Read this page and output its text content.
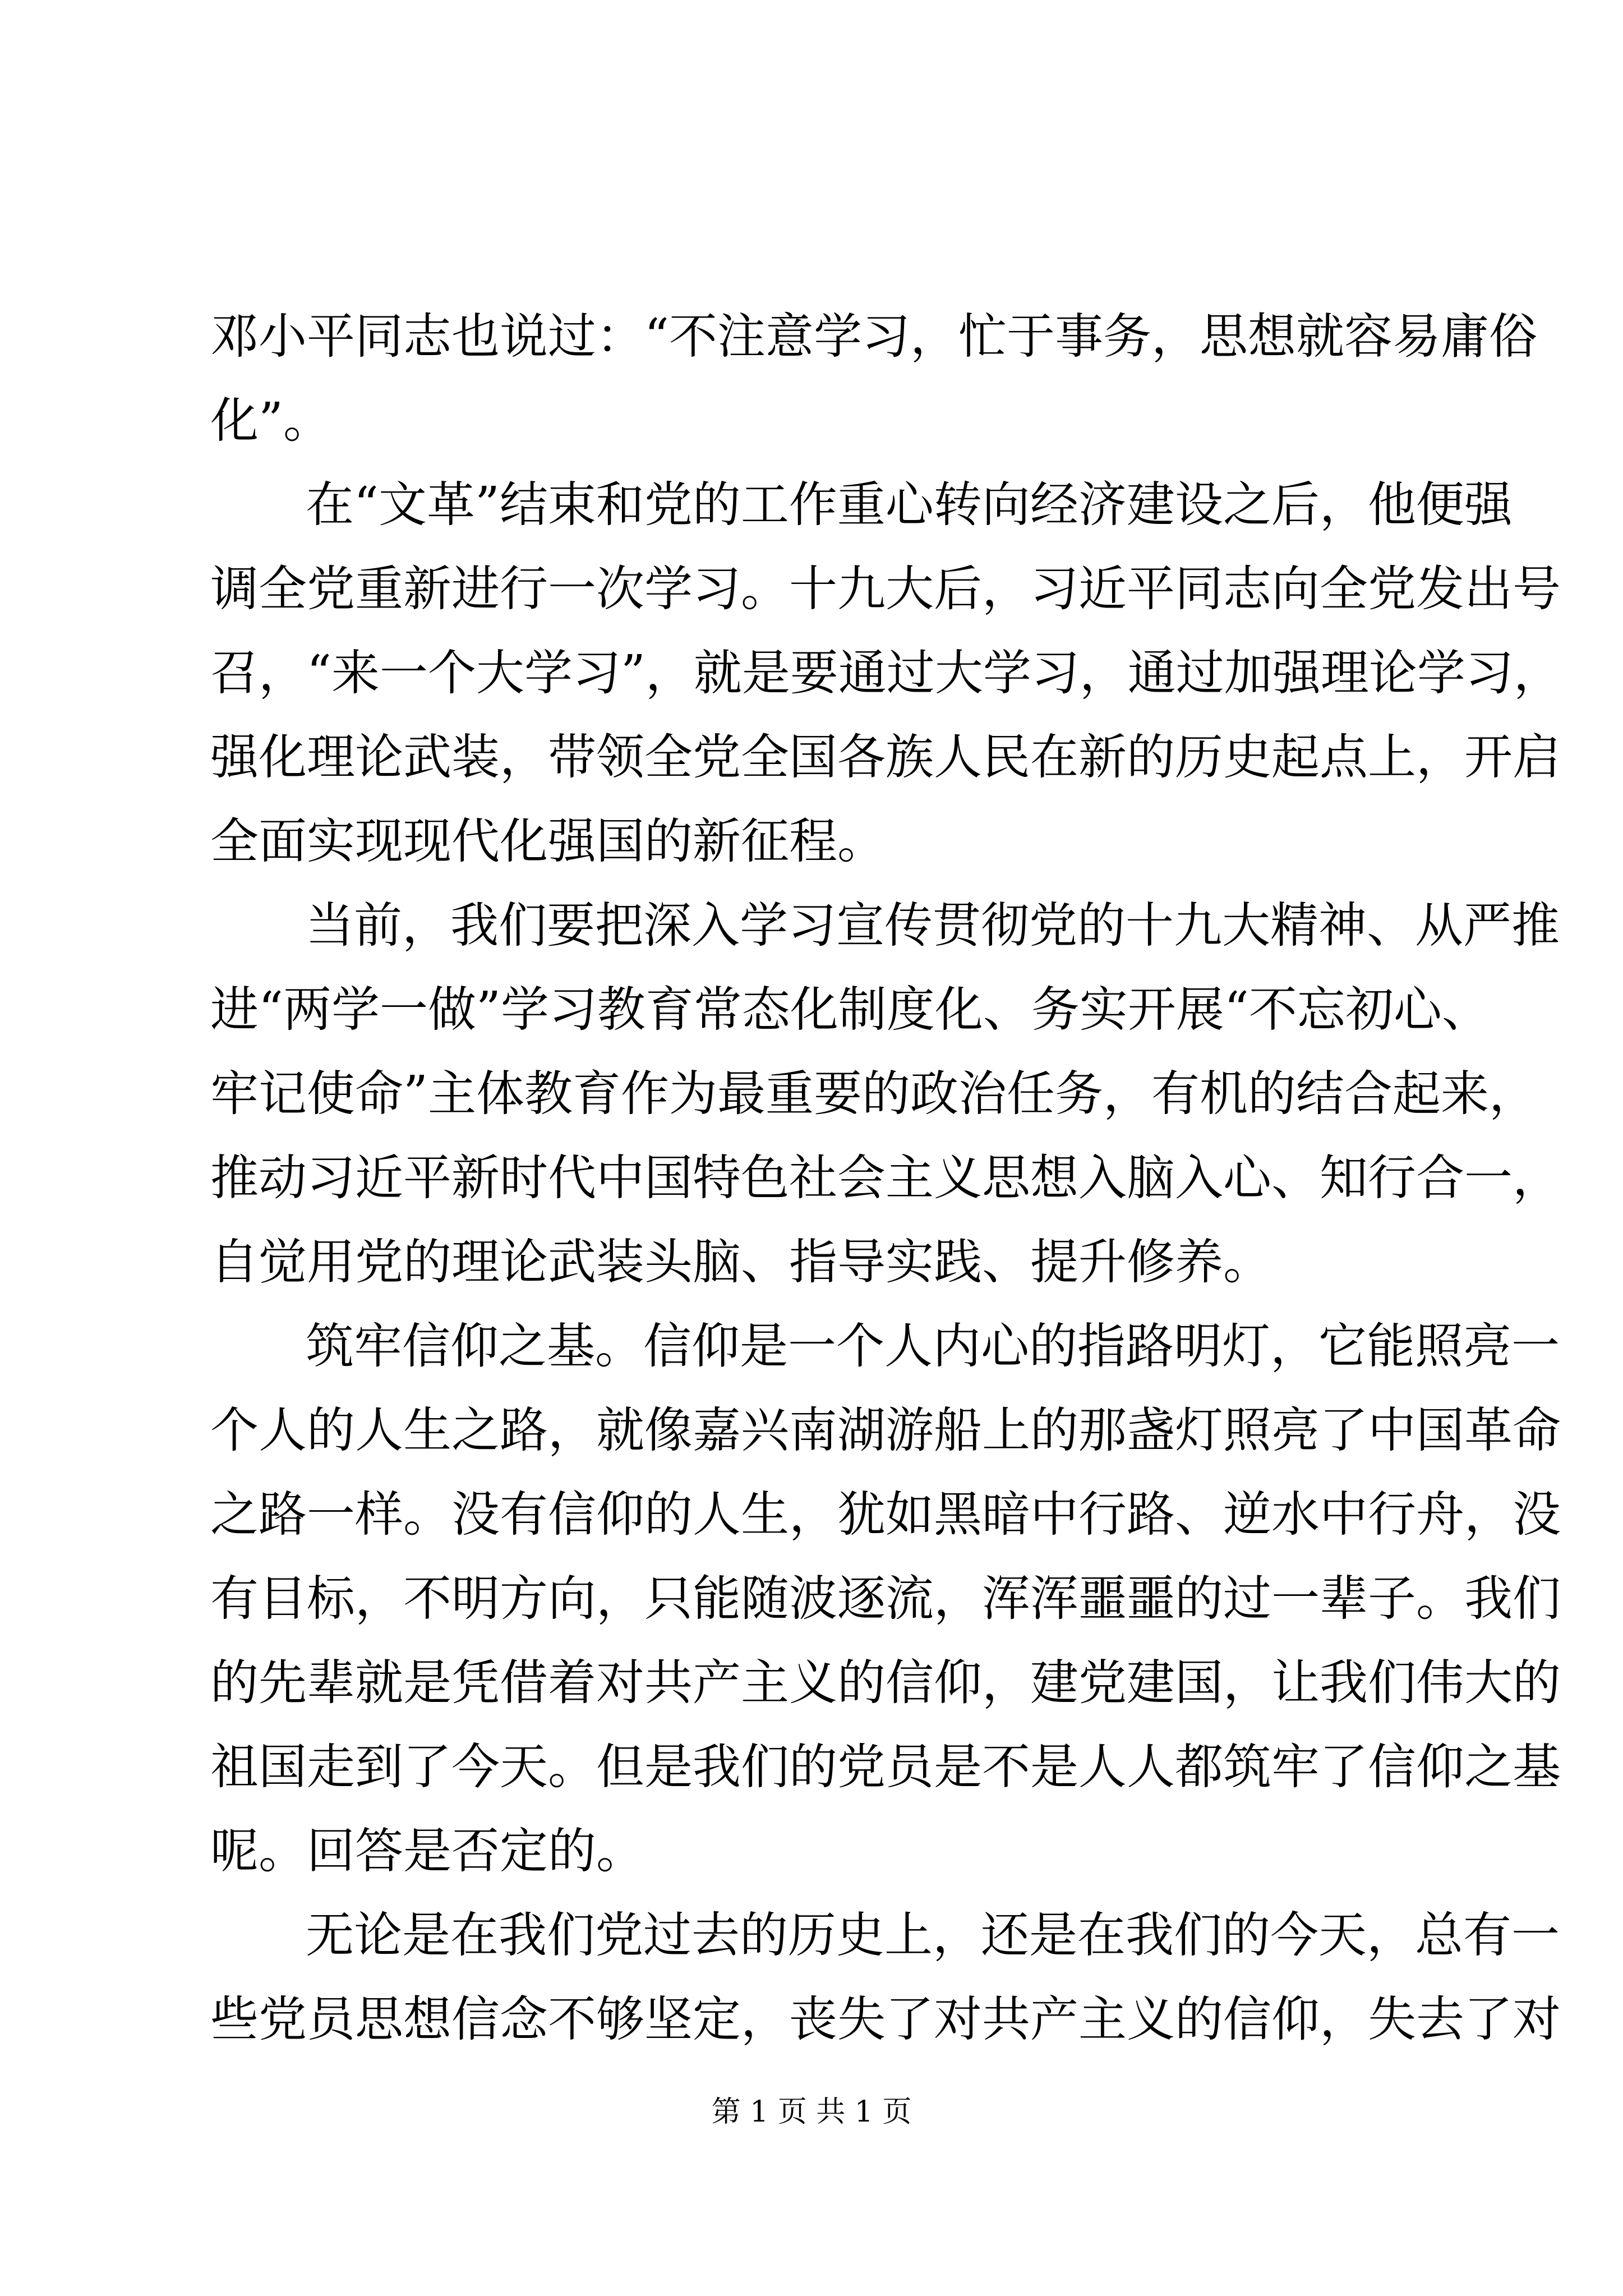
邓小平同志也说过：“不注意学习，忙于事务，思想就容易庸俗
化”。
在“文革”结束和党的工作重心转向经济建设之后，他便强
调全党重新进行一次学习。十九大后，习近平同志向全党发出号
召，“来一个大学习”，就是要通过大学习，通过加强理论学习，
强化理论武装，带领全党全国各族人民在新的历史起点上，开启
全面实现现代化强国的新征程。
当前，我们要把深入学习宣传贯彻党的十九大精神、从严推
进“两学一做”学习教育常态化制度化、务实开展“不忘初心、
牢记使命”主体教育作为最重要的政治任务，有机的结合起来，
推动习近平新时代中国特色社会主义思想入脑入心、知行合一，
自觉用党的理论武装头脑、指导实践、提升修养。
筑牢信仰之基。信仰是一个人内心的指路明灯，它能照亮一
个人的人生之路，就像嘉兴南湖游船上的那盏灯照亮了中国革命
之路一样。没有信仰的人生，犹如黑暗中行路、逆水中行舟，没
有目标，不明方向，只能随波逐流，浑浑噩噩的过一辈子。我们
的先辈就是凭借着对共产主义的信仰，建党建国，让我们伟大的
祖国走到了今天。但是我们的党员是不是人人都筑牢了信仰之基
呢。回答是否定的。
无论是在我们党过去的历史上，还是在我们的今天，总有一
些党员思想信念不够坚定，丧失了对共产主义的信仰，失去了对
第 1 页 共 1 页
